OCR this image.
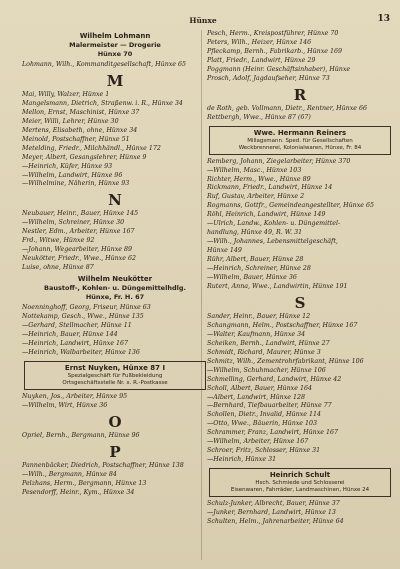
Hünxe	13
Wilhelm Lohmann
Malermeister — Drogerie
Hünxe 70
Lohmann, Wilh., Kommanditgesellschaft, Hünxe 65
M
Mai, Willy, Walzer, Hünxe 1
Mangelsmann, Dietrich, Straßenw. i. R., Hünxe 34
Mellon, Ernst, Maschinist, Hünxe 37
Meier, Willi, Lehrer, Hünxe 30
Mertens, Elisabeth, ohne, Hünxe 34
Meinold, Postschaffner, Hünxe 51
Metelding, Friedr., Milchhändl., Hünxe 172
Meyer, Albert, Gesangslehrer, Hünxe 9
—Heinrich, Küfer, Hünxe 93
—Wilhelm, Landwirt, Hünxe 96
—Wilhelmine, Näherin, Hünxe 93
N
Neubauer, Heinr., Bauer, Hünxe 145
—Wilhelm, Schreiner, Hünxe 30
Nestler, Edm., Arbeiter, Hünxe 167
Frd., Witwe, Hünxe 92
—Johann, Wegearbeiter, Hünxe 89
Neukötter, Friedr., Wwe., Hünxe 62
Luise, ohne, Hünxe 87
Wilhelm Neukötter
Baustoff-, Kohlen- u. Düngemittelhdlg.
Hünxe, Fr. H. 67
Noenninghoff, Georg, Friseur, Hünxe 63
Nottekamp, Gesch., Wwe., Hünxe 135
—Gerhard, Stellmacher, Hünxe 11
—Heinrich, Bauer, Hünxe 144
—Heinrich, Landwirt, Hünxe 167
—Heinrich, Walbarbeiter, Hünxe 136
Ernst Nuyken, Hünxe 87 I
Spezialgeschäft für Fußbekleidung
Ortsgeschäftsstelle Nr. x. R.-Postkasse
Nuyken, Jos., Arbeiter, Hünxe 95
—Wilhelm, Wirt, Hünxe 36
O
Opriel, Bernh., Bergmann, Hünxe 96
P
Pannenbäcker, Diedrich, Postschaffner, Hünxe 138
—Wilh., Bergmann, Hünxe 84
Pelzhans, Herm., Bergmann, Hünxe 13
Pesendorff, Heinr., Kym., Hünxe 34
Pesch, Herm., Kreispostführer, Hünxe 70
Peters, Wilh., Heizer, Hünxe 146
Pfleckamp, Bernh., Fabrikarb., Hünxe 169
Platt, Friedr., Landwirt, Hünxe 29
Poggmann (Heinr. Geschäftsinhaber), Hünxe
Prosch, Adolf, Jagdaufseher, Hünxe 73
R
de Roth, geb. Vollmann, Dietr., Rentner, Hünxe 66
Rettbergh, Wwe., Hünxe 87 (67)
Wwe. Hermann Reiners
Millagsmann. Sped. für Gesellschaften
Weckbrennerei, Kolonialwaren, Hünxe, Fr. 84
Remberg, Johann, Ziegelarbeiter, Hünxe 370
—Wilhelm, Masc., Hünxe 103
Richter, Herm., Wwe., Hünxe 89
Rickmann, Friedr., Landwirt, Hünxe 14
Ruf, Gustav, Arbeiter, Hünxe 2
Rogmanns, Gottfr., Gemeindeangestellter, Hünxe 65
Röhl, Heinrich, Landwirt, Hünxe 149
—Ulrich, Landw., Kohlen- u. Düngemittel-
handlung, Hünxe 49, R. W. 31
—Wilh., Johannes, Lebensmittelgeschäft,
Hünxe 149
Rühr, Albert, Bauer, Hünxe 28
—Heinrich, Schreiner, Hünxe 28
—Wilhelm, Bauer, Hünxe 36
Rutert, Anna, Wwe., Landwirtin, Hünxe 191
S
Sander, Heinr., Bauer, Hünxe 12
Schangmann, Helm., Postschaffner, Hünxe 167
—Walter, Kaufmann, Hünxe 34
Scheiken, Bernh., Landwirt, Hünxe 27
Schmidt, Richard, Maurer, Hünxe 3
Schmitz, Wilh., Zementrohrfabrikant, Hünxe 106
—Wilhelm, Schuhmacher, Hünxe 106
Schmelling, Gerhard, Landwirt, Hünxe 42
Scholl, Albert, Bauer, Hünxe 164
—Albert, Landwirt, Hünxe 128
—Bernhard, Tiefbauarbeiter, Hünxe 77
Schollen, Dietr., Invalid, Hünxe 114
—Otto, Wwe., Bäuerin, Hünxe 103
Schrammer, Franz, Landwirt, Hünxe 167
—Wilhelm, Arbeiter, Hünxe 167
Schroer, Fritz, Schlosser, Hünxe 31
—Heinrich, Hünxe 31
Heinrich Schult
Hsch. Schmiede und Schlosserei
Eisenwaren, Fahrräder, Landmaschinen, Hünxe 24
Schulz-Junker, Albrecht, Bauer, Hünxe 37
—Junker, Bernhard, Landwirt, Hünxe 13
Schulten, Helm., Jahrenarbeiter, Hünxe 64
